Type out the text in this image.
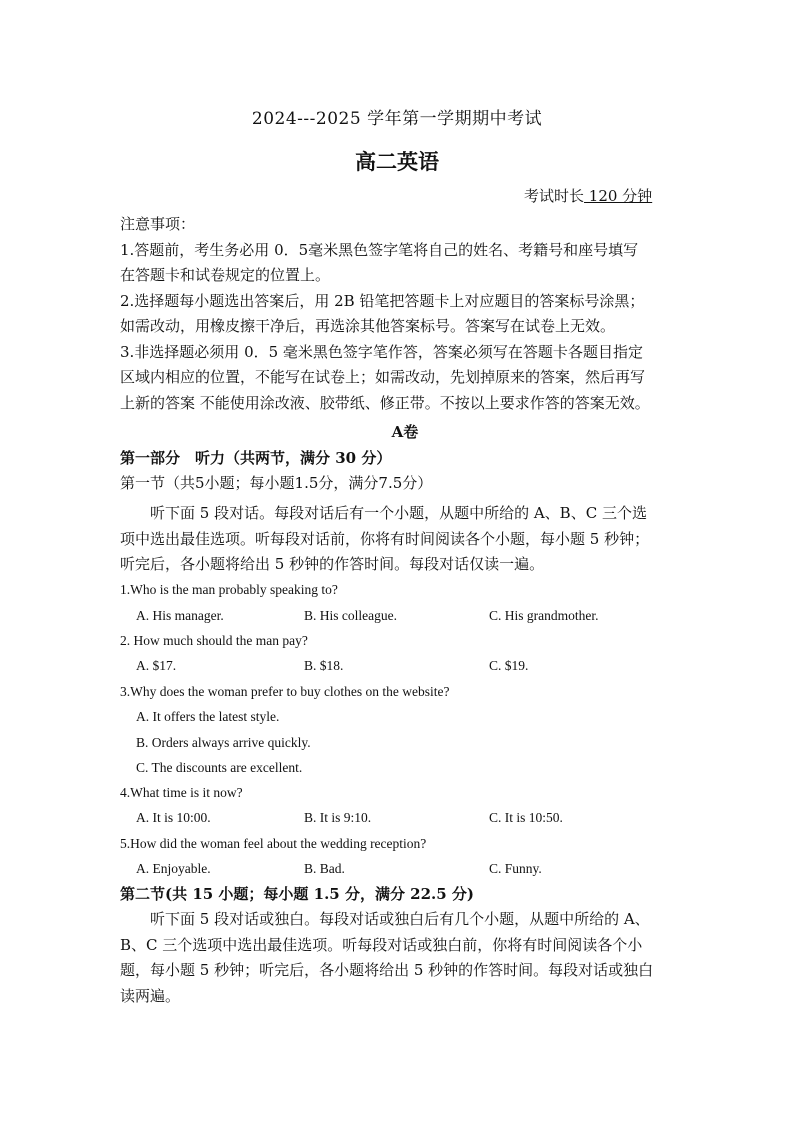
2024---2025 学年第一学期期中考试
高二英语
考试时长 120 分钟
注意事项：
1.答题前，考生务必用 0．5毫米黑色签字笔将自己的姓名、考籍号和座号填写
在答题卡和试卷规定的位置上。
2.选择题每小题选出答案后，用 2B 铅笔把答题卡上对应题目的答案标号涂黑；
如需改动，用橡皮擦干净后，再选涂其他答案标号。答案写在试卷上无效。
3.非选择题必须用 0．5 毫米黑色签字笔作答，答案必须写在答题卡各题目指定
区域内相应的位置，不能写在试卷上；如需改动，先划掉原来的答案，然后再写
上新的答案 不能使用涂改液、胶带纸、修正带。不按以上要求作答的答案无效。
A卷
第一部分　听力（共两节，满分 30 分）
第一节（共5小题；每小题1.5分，满分7.5分）
听下面 5 段对话。每段对话后有一个小题，从题中所给的 A、B、C 三个选
项中选出最佳选项。听每段对话前，你将有时间阅读各个小题，每小题 5 秒钟；
听完后，各小题将给出 5 秒钟的作答时间。每段对话仅读一遍。
1.Who is the man probably speaking to?
A. His manager.	B. His colleague.	C. His grandmother.
2. How much should the man pay?
A. $17.	B. $18.	C. $19.
3.Why does the woman prefer to buy clothes on the website?
A. It offers the latest style.
B. Orders always arrive quickly.
C. The discounts are excellent.
4.What time is it now?
A. It is 10:00.	B. It is 9:10.	C. It is 10:50.
5.How did the woman feel about the wedding reception?
A. Enjoyable.	B. Bad.	C. Funny.
第二节(共 15 小题；每小题 1.5 分，满分 22.5 分)
听下面 5 段对话或独白。每段对话或独白后有几个小题，从题中所给的 A、
B、C 三个选项中选出最佳选项。听每段对话或独白前，你将有时间阅读各个小
题，每小题 5 秒钟；听完后，各小题将给出 5 秒钟的作答时间。每段对话或独白
读两遍。
